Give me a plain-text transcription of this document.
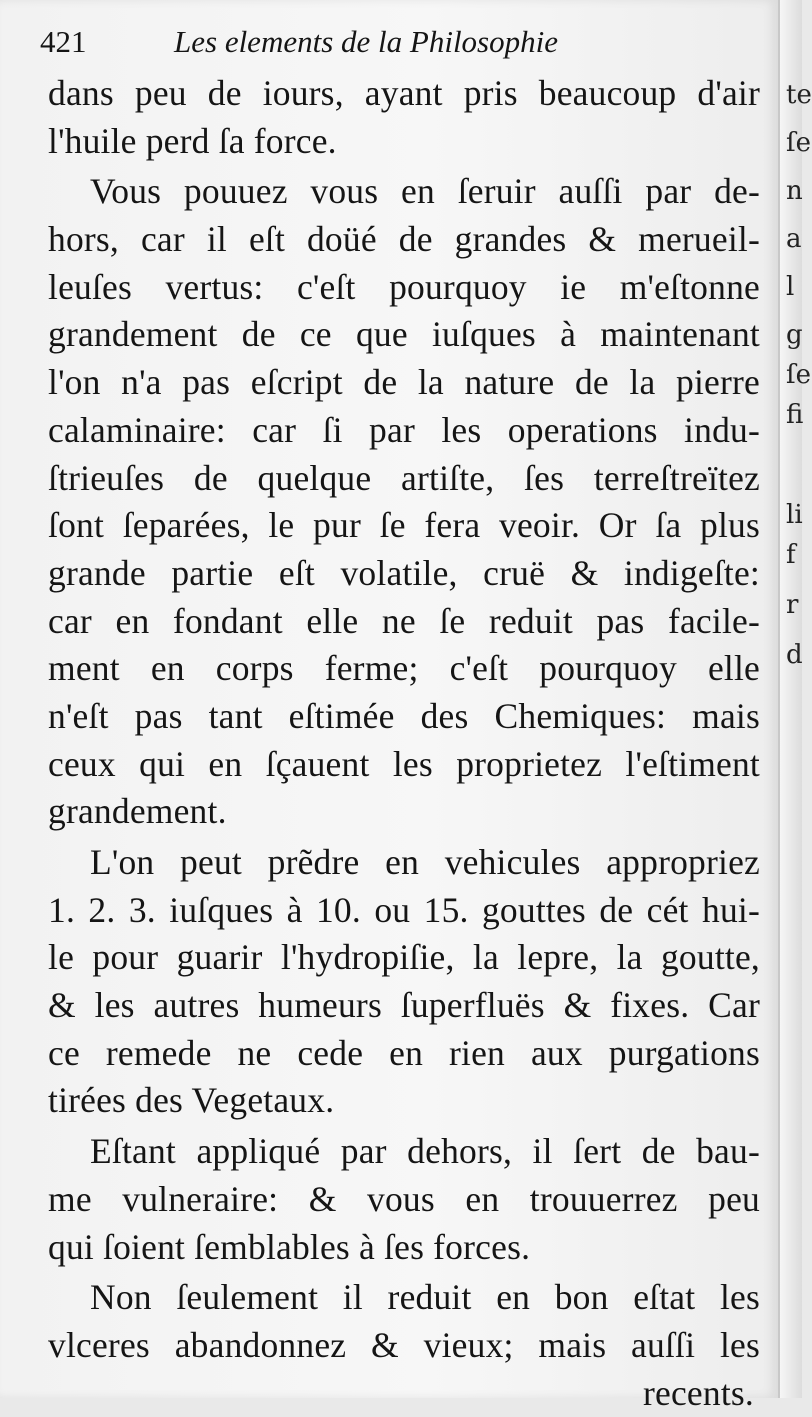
421	Les elements de la Philosophie
dans peu de iours, ayant pris beaucoup d'air
l'huile perd ſa force.
Vous pouuez vous en ſeruir auſſi par de-
hors, car il eſt doüé de grandes & merueil-
leuſes vertus: c'eſt pourquoy ie m'eſtonne
grandement de ce que iuſques à maintenant
l'on n'a pas eſcript de la nature de la pierre
calaminaire: car ſi par les operations indu-
ſtrieuſes de quelque artiſte, ſes terreſtreïtez
ſont ſeparées, le pur ſe fera veoir. Or ſa plus
grande partie eſt volatile, cruë & indigeſte:
car en fondant elle ne ſe reduit pas facile-
ment en corps ferme; c'eſt pourquoy elle
n'eſt pas tant eſtimée des Chemiques: mais
ceux qui en ſçauent les proprietez l'eſtiment
grandement.
L'on peut prẽdre en vehicules appropriez
1. 2. 3. iuſques à 10. ou 15. gouttes de cét hui-
le pour guarir l'hydropiſie, la lepre, la goutte,
& les autres humeurs ſuperfluës & fixes. Car
ce remede ne cede en rien aux purgations
tirées des Vegetaux.
Eſtant appliqué par dehors, il ſert de bau-
me vulneraire: & vous en trouuerrez peu
qui ſoient ſemblables à ſes forces.
Non ſeulement il reduit en bon eſtat les
vlceres abandonnez & vieux; mais auſſi les
recents.
te
ſe
n
a
l
g
ſe
fi
li
f
r
d
